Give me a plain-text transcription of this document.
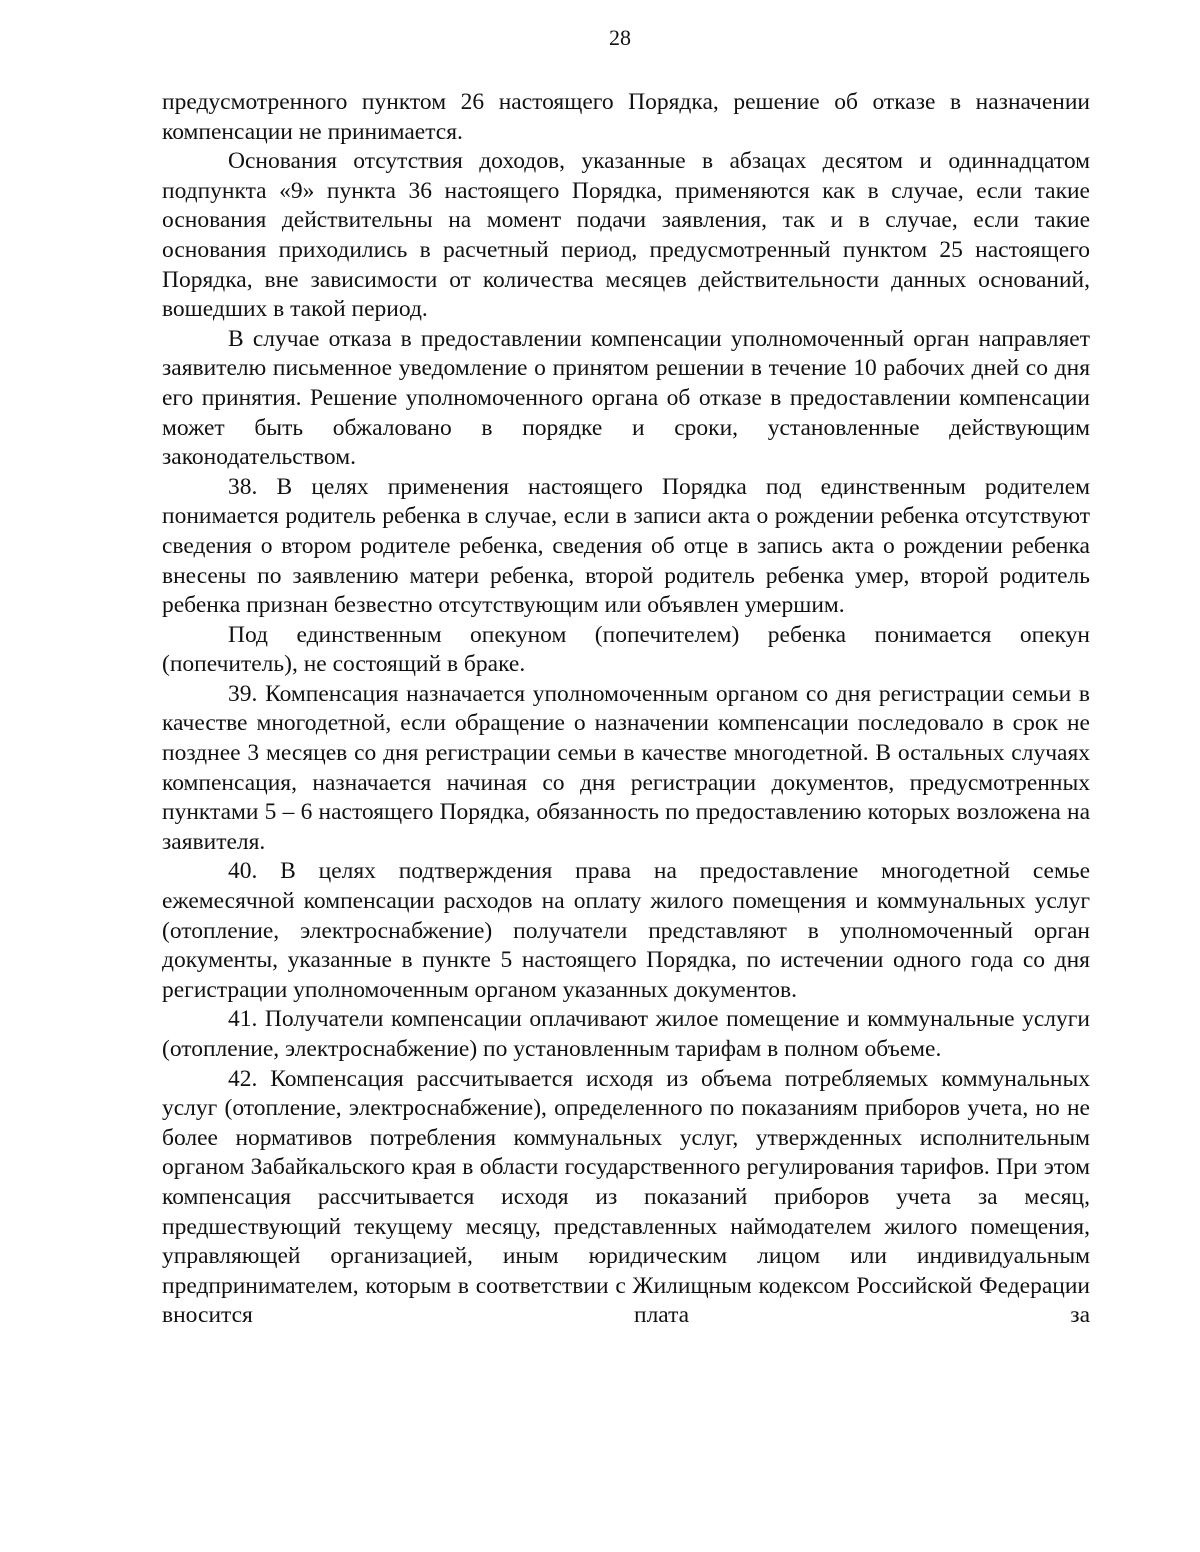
28

предусмотренного пунктом 26 настоящего Порядка, решение об отказе в назначении компенсации не принимается.

Основания отсутствия доходов, указанные в абзацах десятом и одиннадцатом подпункта «9» пункта 36 настоящего Порядка, применяются как в случае, если такие основания действительны на момент подачи заявления, так и в случае, если такие основания приходились в расчетный период, предусмотренный пунктом 25 настоящего Порядка, вне зависимости от количества месяцев действительности данных оснований, вошедших в такой период.

В случае отказа в предоставлении компенсации уполномоченный орган направляет заявителю письменное уведомление о принятом решении в течение 10 рабочих дней со дня его принятия. Решение уполномоченного органа об отказе в предоставлении компенсации может быть обжаловано в порядке и сроки, установленные действующим законодательством.

38. В целях применения настоящего Порядка под единственным родителем понимается родитель ребенка в случае, если в записи акта о рождении ребенка отсутствуют сведения о втором родителе ребенка, сведения об отце в запись акта о рождении ребенка внесены по заявлению матери ребенка, второй родитель ребенка умер, второй родитель ребенка признан безвестно отсутствующим или объявлен умершим.

Под единственным опекуном (попечителем) ребенка понимается опекун (попечитель), не состоящий в браке.

39. Компенсация назначается уполномоченным органом со дня регистрации семьи в качестве многодетной, если обращение о назначении компенсации последовало в срок не позднее 3 месяцев со дня регистрации семьи в качестве многодетной. В остальных случаях компенсация, назначается начиная со дня регистрации документов, предусмотренных пунктами 5 – 6 настоящего Порядка, обязанность по предоставлению которых возложена на заявителя.

40. В целях подтверждения права на предоставление многодетной семье ежемесячной компенсации расходов на оплату жилого помещения и коммунальных услуг (отопление, электроснабжение) получатели представляют в уполномоченный орган документы, указанные в пункте 5 настоящего Порядка, по истечении одного года со дня регистрации уполномоченным органом указанных документов.

41. Получатели компенсации оплачивают жилое помещение и коммунальные услуги (отопление, электроснабжение) по установленным тарифам в полном объеме.

42. Компенсация рассчитывается исходя из объема потребляемых коммунальных услуг (отопление, электроснабжение), определенного по показаниям приборов учета, но не более нормативов потребления коммунальных услуг, утвержденных исполнительным органом Забайкальского края в области государственного регулирования тарифов. При этом компенсация рассчитывается исходя из показаний приборов учета за месяц, предшествующий текущему месяцу, представленных наймодателем жилого помещения, управляющей организацией, иным юридическим лицом или индивидуальным предпринимателем, которым в соответствии с Жилищным кодексом Российской Федерации вносится плата за
